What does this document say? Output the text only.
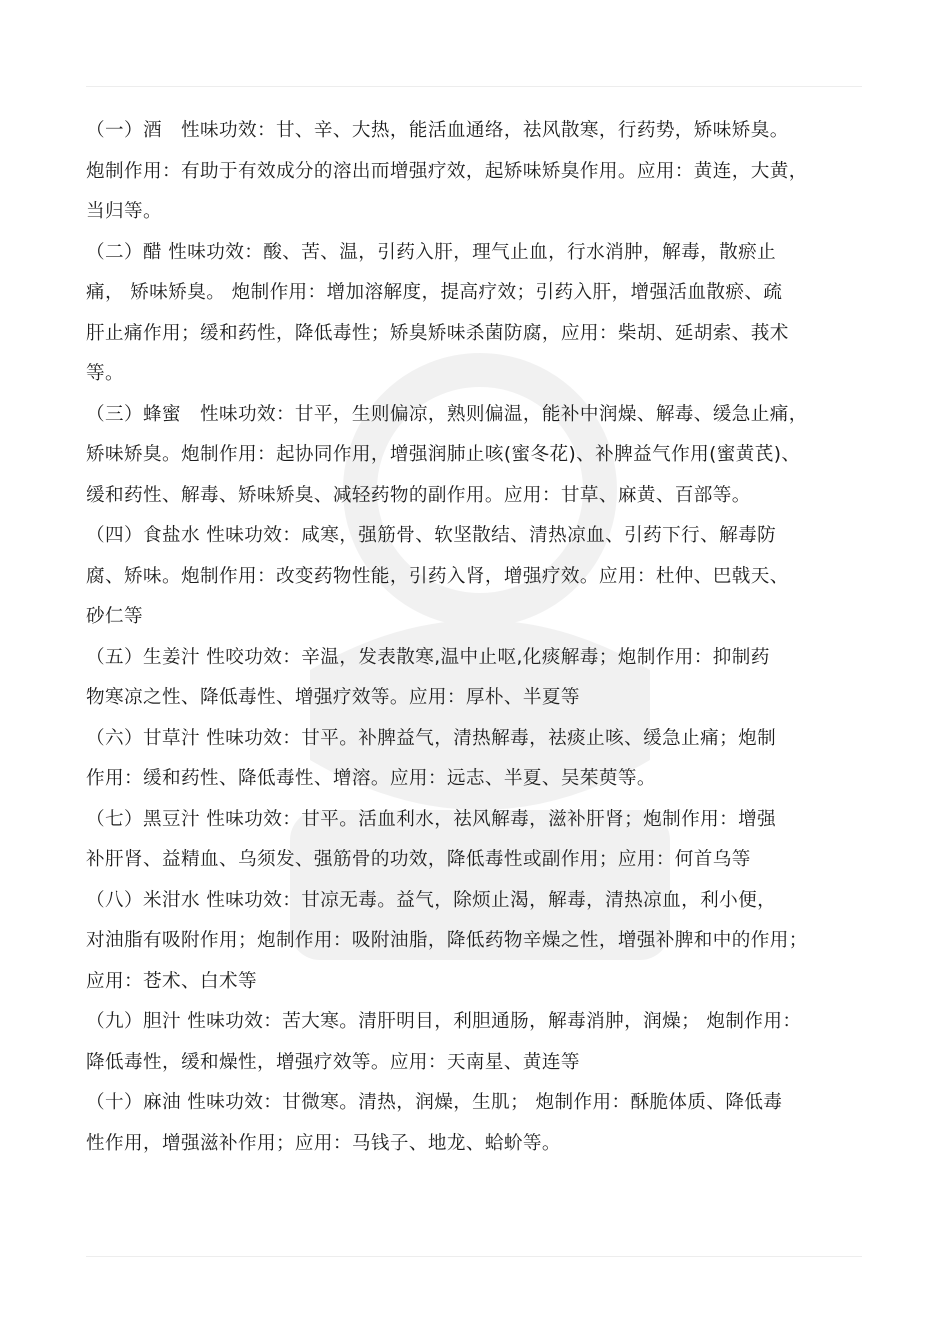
（一）酒　性味功效：甘、辛、大热，能活血通络，祛风散寒，行药势，矫味矫臭。
炮制作用：有助于有效成分的溶出而增强疗效，起矫味矫臭作用。应用：黄连，大黄，
当归等。
（二）醋 性味功效：酸、苦、温，引药入肝，理气止血，行水消肿，解毒，散瘀止
痛， 矫味矫臭。 炮制作用：增加溶解度，提高疗效；引药入肝，增强活血散瘀、疏
肝止痛作用；缓和药性，降低毒性；矫臭矫味杀菌防腐，应用：柴胡、延胡索、莪术
等。
（三）蜂蜜　性味功效：甘平，生则偏凉，熟则偏温，能补中润燥、解毒、缓急止痛，
矫味矫臭。炮制作用：起协同作用，增强润肺止咳(蜜冬花)、补脾益气作用(蜜黄芪)、
缓和药性、解毒、矫味矫臭、减轻药物的副作用。应用：甘草、麻黄、百部等。
（四）食盐水 性味功效：咸寒，强筋骨、软坚散结、清热凉血、引药下行、解毒防
腐、矫味。炮制作用：改变药物性能，引药入肾，增强疗效。应用：杜仲、巴戟天、
砂仁等
（五）生姜汁 性咬功效：辛温，发表散寒,温中止呕,化痰解毒；炮制作用：抑制药
物寒凉之性、降低毒性、增强疗效等。应用：厚朴、半夏等
（六）甘草汁 性味功效：甘平。补脾益气，清热解毒，祛痰止咳、缓急止痛；炮制
作用：缓和药性、降低毒性、增溶。应用：远志、半夏、吴茱萸等。
（七）黑豆汁 性味功效：甘平。活血利水，祛风解毒，滋补肝肾；炮制作用：增强
补肝肾、益精血、乌须发、强筋骨的功效，降低毒性或副作用；应用：何首乌等
（八）米泔水 性味功效：甘凉无毒。益气，除烦止渴，解毒，清热凉血，利小便，
对油脂有吸附作用；炮制作用：吸附油脂，降低药物辛燥之性，增强补脾和中的作用；
应用：苍术、白术等
（九）胆汁 性味功效：苦大寒。清肝明目，利胆通肠，解毒消肿，润燥； 炮制作用：
降低毒性，缓和燥性，增强疗效等。应用：天南星、黄连等
（十）麻油 性味功效：甘微寒。清热，润燥，生肌； 炮制作用：酥脆体质、降低毒
性作用，增强滋补作用；应用：马钱子、地龙、蛤蚧等。
